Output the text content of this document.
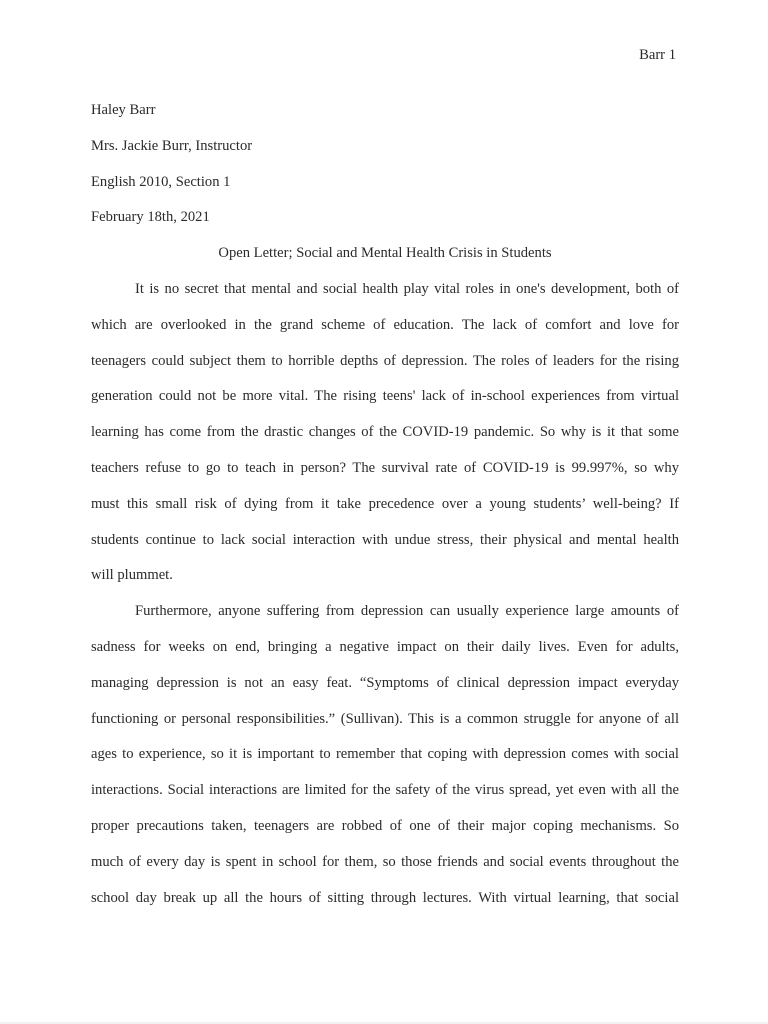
Barr 1
Haley Barr
Mrs. Jackie Burr, Instructor
English 2010, Section 1
February 18th, 2021
Open Letter; Social and Mental Health Crisis in Students
It is no secret that mental and social health play vital roles in one's development, both of
which are overlooked in the grand scheme of education. The lack of comfort and love for
teenagers could subject them to horrible depths of depression. The roles of leaders for the rising
generation could not be more vital. The rising teens' lack of in-school experiences from virtual
learning has come from the drastic changes of the COVID-19 pandemic. So why is it that some
teachers refuse to go to teach in person? The survival rate of COVID-19 is 99.997%, so why
must this small risk of dying from it take precedence over a young students’ well-being? If
students continue to lack social interaction with undue stress, their physical and mental health
will plummet.
Furthermore, anyone suffering from depression can usually experience large amounts of
sadness for weeks on end, bringing a negative impact on their daily lives. Even for adults,
managing depression is not an easy feat. “Symptoms of clinical depression impact everyday
functioning or personal responsibilities.” (Sullivan). This is a common struggle for anyone of all
ages to experience, so it is important to remember that coping with depression comes with social
interactions. Social interactions are limited for the safety of the virus spread, yet even with all the
proper precautions taken, teenagers are robbed of one of their major coping mechanisms. So
much of every day is spent in school for them, so those friends and social events throughout the
school day break up all the hours of sitting through lectures. With virtual learning, that social
